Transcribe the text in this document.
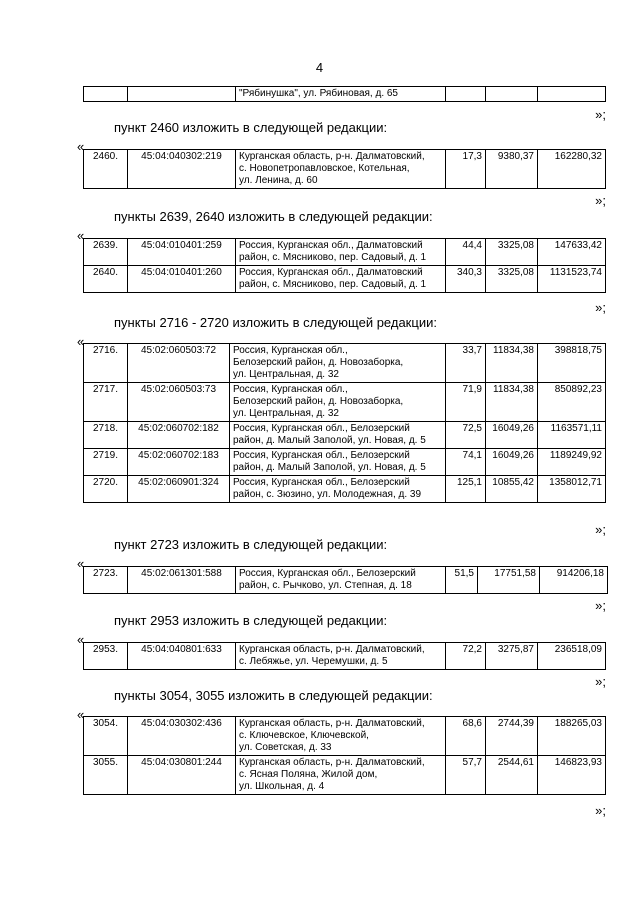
4
		"Рябинушка", ул. Рябиновая, д. 65			
»;
пункт 2460 изложить в следующей редакции:
«
2460.	45:04:040302:219	Курганская область, р-н. Далматовский,
с. Новопетропавловское, Котельная,
ул. Ленина, д. 60
	17,3	9380,37	162280,32
»;
пункты 2639, 2640 изложить в следующей редакции:
«
2639.	45:04:010401:259	Россия, Курганская обл., Далматовский
район, с. Мясниково, пер. Садовый, д. 1	44,4	3325,08	147633,42
2640.	45:04:010401:260	Россия, Курганская обл., Далматовский
район, с. Мясниково, пер. Садовый, д. 1	340,3	3325,08	1131523,74
»;
пункты 2716 - 2720 изложить в следующей редакции:
«
2716.	45:02:060503:72	Россия, Курганская обл.,
Белозерский район, д. Новозаборка,
ул. Центральная, д. 32	33,7	11834,38	398818,75
2717.	45:02:060503:73	Россия, Курганская обл.,
Белозерский район, д. Новозаборка,
ул. Центральная, д. 32	71,9	11834,38	850892,23
2718.	45:02:060702:182	Россия, Курганская обл., Белозерский
район, д. Малый Заполой, ул. Новая, д. 5	72,5	16049,26	1163571,11
2719.	45:02:060702:183	Россия, Курганская обл., Белозерский
район, д. Малый Заполой, ул. Новая, д. 5	74,1	16049,26	1189249,92
2720.	45:02:060901:324	Россия, Курганская обл., Белозерский
район, с. Зюзино, ул. Молодежная, д. 39	125,1	10855,42	1358012,71
»;
пункт 2723 изложить в следующей редакции:
«
2723.	45:02:061301:588	Россия, Курганская обл., Белозерский
район, с. Рычково, ул. Степная, д. 18
	51,5	17751,58	914206,18
»;
пункт 2953 изложить в следующей редакции:
«
2953.	45:04:040801:633	Курганская область, р-н. Далматовский,
с. Лебяжье, ул. Черемушки, д. 5
	72,2	3275,87	236518,09
»;
пункты 3054, 3055 изложить в следующей редакции:
«
3054.	45:04:030302:436	Курганская область, р-н. Далматовский,
с. Ключевское, Ключевской,
ул. Советская, д. 33	68,6	2744,39	188265,03
3055.	45:04:030801:244	Курганская область, р-н. Далматовский,
с. Ясная Поляна, Жилой дом,
ул. Школьная, д. 4	57,7	2544,61	146823,93
»;
